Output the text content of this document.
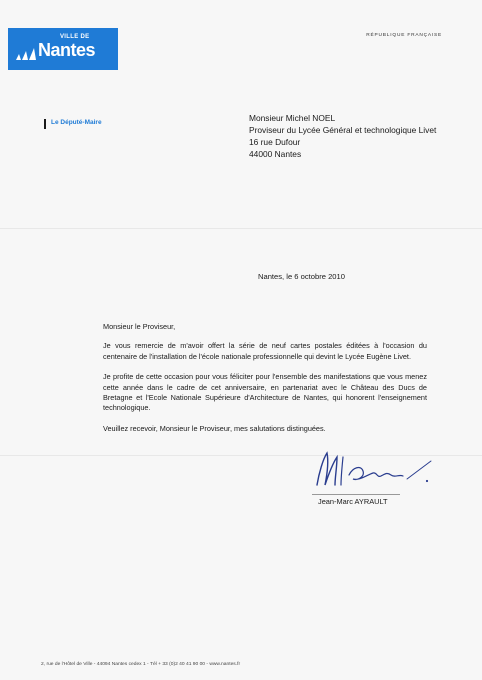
VILLE DE
Nantes
RÉPUBLIQUE FRANÇAISE
Le Député-Maire	Monsieur Michel NOEL
Proviseur du Lycée Général et technologique Livet
16 rue Dufour
44000 Nantes
Nantes, le 6 octobre 2010

Monsieur le Proviseur,

Je vous remercie de m'avoir offert la série de neuf cartes postales éditées à l'occasion du centenaire de l'installation de l'école nationale professionnelle qui devint le Lycée Eugène Livet.

Je profite de cette occasion pour vous féliciter pour l'ensemble des manifestations que vous menez cette année dans le cadre de cet anniversaire, en partenariat avec le Château des Ducs de Bretagne et l'Ecole Nationale Supérieure d'Architecture de Nantes, qui honorent l'enseignement technologique.

Veuillez recevoir, Monsieur le Proviseur, mes salutations distinguées.

Jean-Marc AYRAULT
2, rue de l'Hôtel de Ville - 44094 Nantes cedex 1 - Tél + 33 (0)2 40 41 90 00 - www.nantes.fr
